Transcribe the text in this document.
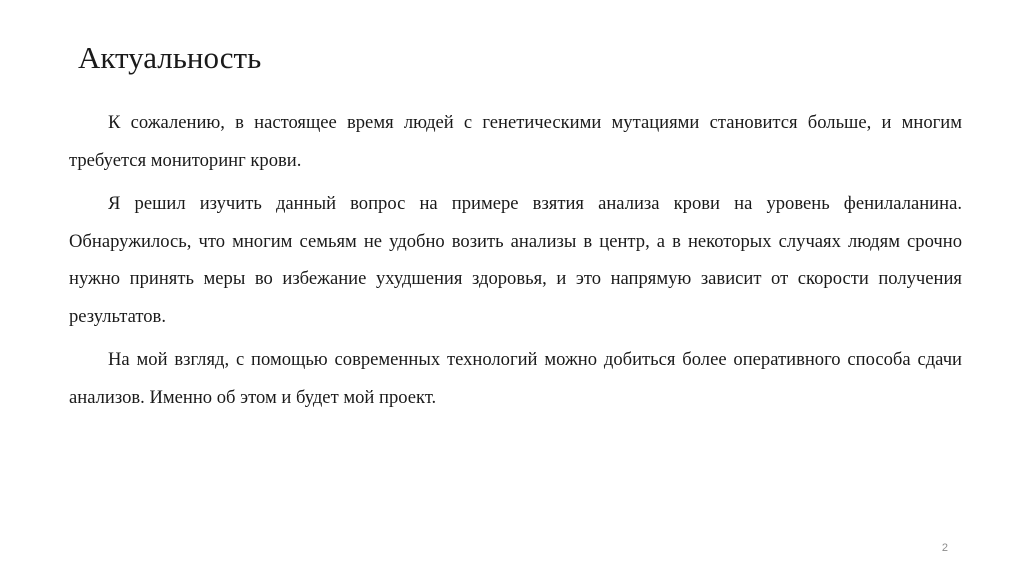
Актуальность

К сожалению, в настоящее время людей с генетическими мутациями становится больше, и многим требуется мониторинг крови.

Я решил изучить данный вопрос на примере взятия анализа крови на уровень фенилаланина. Обнаружилось, что многим семьям не удобно возить анализы в центр, а в некоторых случаях людям срочно нужно принять меры во избежание ухудшения здоровья, и это напрямую зависит от скорости получения результатов.

На мой взгляд, с помощью современных технологий можно добиться более оперативного способа сдачи анализов. Именно об этом и будет мой проект.

2
